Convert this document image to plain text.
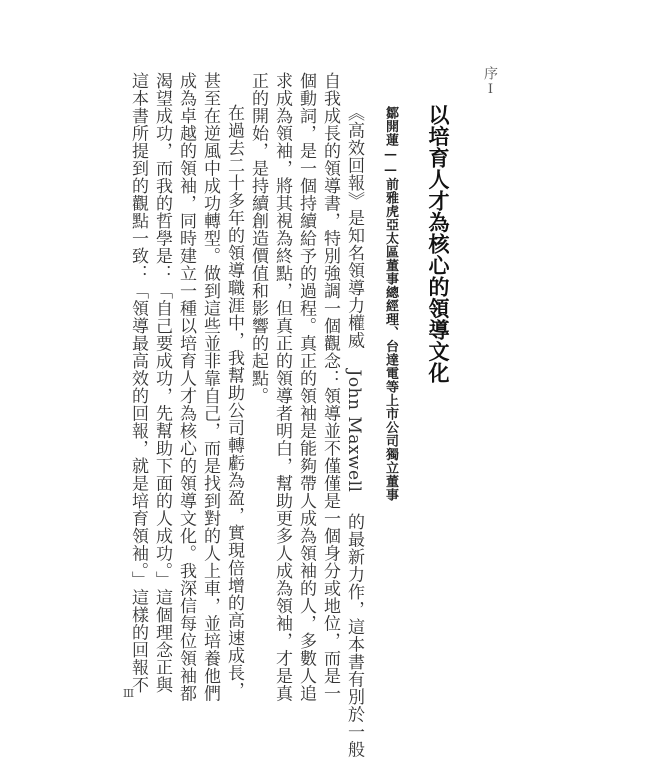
序I
以培育人才為核心的領導文化
鄒開蓮——前雅虎亞太區董事總經理、台達電等上市公司獨立董事
《高效回報》是知名領導力權威 John Maxwell 的最新力作，這本書有別於一般
自我成長的領導書，特別強調一個觀念：領導並不僅僅是一個身分或地位，而是一
個動詞，是一個持續給予的過程。真正的領袖是能夠帶人成為領袖的人，多數人追
求成為領袖，將其視為終點，但真正的領導者明白，幫助更多人成為領袖，才是真
正的開始，是持續創造價值和影響的起點。
在過去二十多年的領導職涯中，我幫助公司轉虧為盈，實現倍增的高速成長，
甚至在逆風中成功轉型。做到這些並非靠自己，而是找到對的人上車，並培養他們
成為卓越的領袖，同時建立一種以培育人才為核心的領導文化。我深信每位領袖都
渴望成功，而我的哲學是：「自己要成功，先幫助下面的人成功。」這個理念正與
這本書所提到的觀點一致：「領導最高效的回報，就是培育領袖。」這樣的回報不
III
